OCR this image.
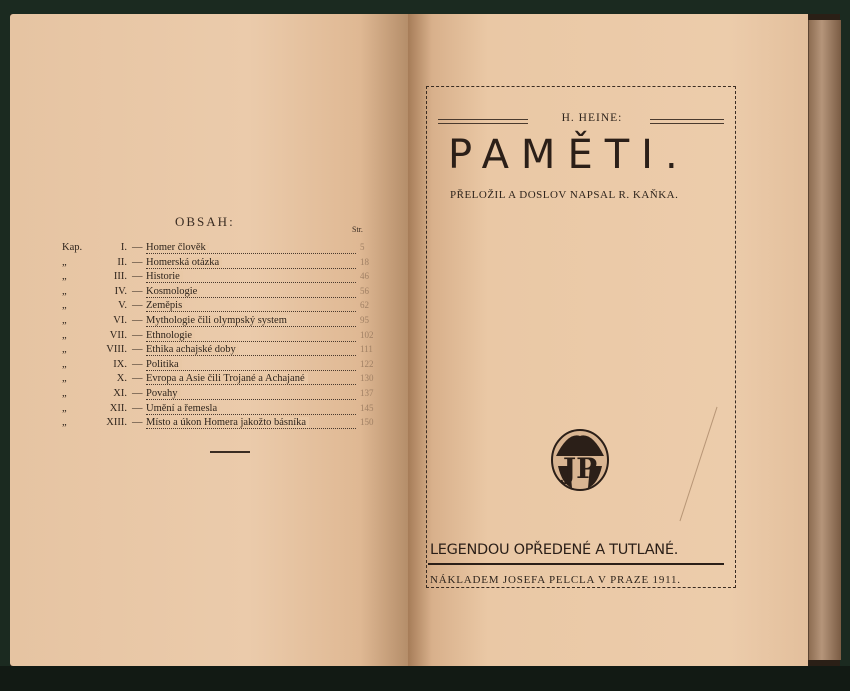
OBSAH:
Str.
Kap.	I. — Homer člověk	5
„	II. — Homerská otázka	18
„	III. — Historie	46
„	IV. — Kosmologie	56
„	V. — Zeměpis	62
„	VI. — Mythologie čili olympský system	95
„	VII. — Ethnologie	102
„	VIII. — Ethika achajské doby	111
„	IX. — Politika	122
„	X. — Evropa a Asie čili Trojané a Achajané	130
„	XI. — Povahy	137
„	XII. — Umění a řemesla	145
„	XIII. — Místo a úkon Homera jakožto básníka	150
H. HEINE:
PAMĚTI.
PŘELOŽIL A DOSLOV NAPSAL R. KAŇKA.
JP
LEGENDOU OPŘEDENÉ A TUTLANÉ.
NÁKLADEM JOSEFA PELCLA V PRAZE 1911.
